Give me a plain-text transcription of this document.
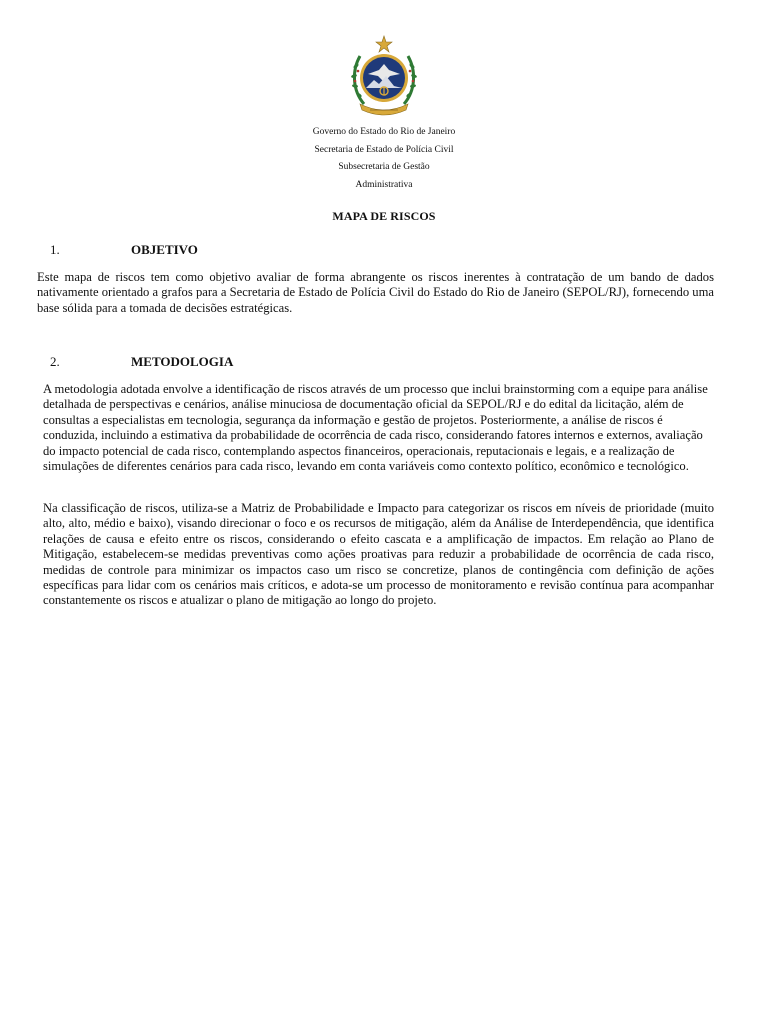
Governo do Estado do Rio de Janeiro
Secretaria de Estado de Polícia Civil
Subsecretaria de Gestão
Administrativa
MAPA DE RISCOS
1.	OBJETIVO

Este mapa de riscos tem como objetivo avaliar de forma abrangente os riscos inerentes à contratação de um bando de dados nativamente orientado a grafos para a Secretaria de Estado de Polícia Civil do Estado do Rio de Janeiro (SEPOL/RJ), fornecendo uma base sólida para a tomada de decisões estratégicas.

2.	METODOLOGIA

A metodologia adotada envolve a identificação de riscos através de um processo que inclui brainstorming com a equipe para análise detalhada de perspectivas e cenários, análise minuciosa de documentação oficial da SEPOL/RJ e do edital da licitação, além de consultas a especialistas em tecnologia, segurança da informação e gestão de projetos. Posteriormente, a análise de riscos é conduzida, incluindo a estimativa da probabilidade de ocorrência de cada risco, considerando fatores internos e externos, avaliação do impacto potencial de cada risco, contemplando aspectos financeiros, operacionais, reputacionais e legais, e a realização de simulações de diferentes cenários para cada risco, levando em conta variáveis como contexto político, econômico e tecnológico.

Na classificação de riscos, utiliza-se a Matriz de Probabilidade e Impacto para categorizar os riscos em níveis de prioridade (muito alto, alto, médio e baixo), visando direcionar o foco e os recursos de mitigação, além da Análise de Interdependência, que identifica relações de causa e efeito entre os riscos, considerando o efeito cascata e a amplificação de impactos. Em relação ao Plano de Mitigação, estabelecem-se medidas preventivas como ações proativas para reduzir a probabilidade de ocorrência de cada risco, medidas de controle para minimizar os impactos caso um risco se concretize, planos de contingência com definição de ações específicas para lidar com os cenários mais críticos, e adota-se um processo de monitoramento e revisão contínua para acompanhar constantemente os riscos e atualizar o plano de mitigação ao longo do projeto.
